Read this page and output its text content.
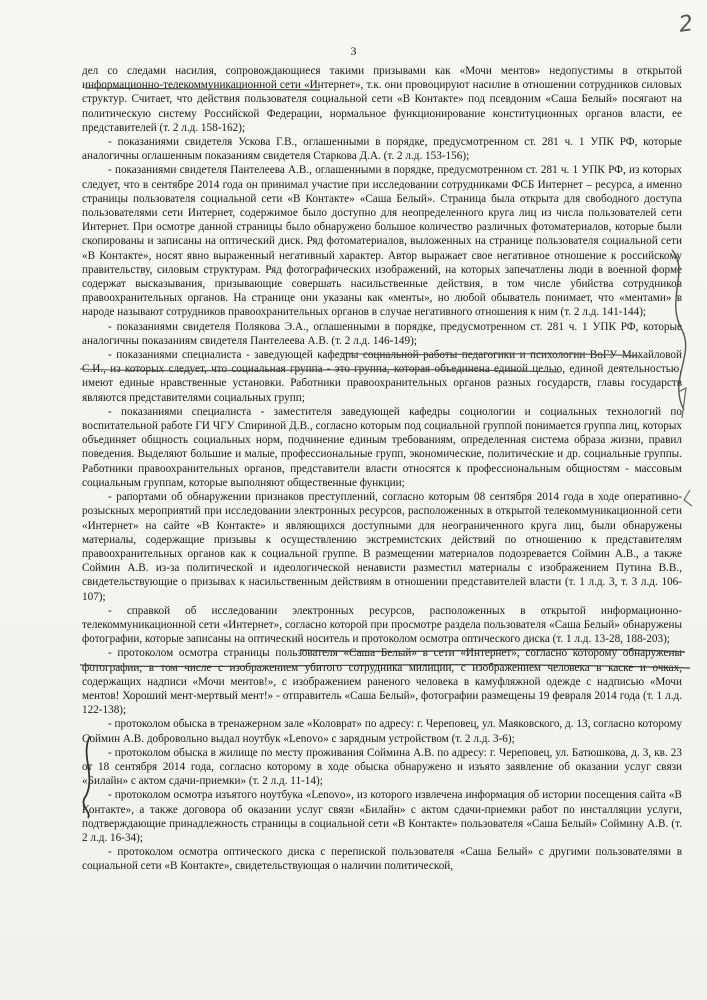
2
3

дел со следами насилия, сопровождающиеся такими призывами как «Мочи ментов» недопустимы в открытой информационно-телекоммуникационной сети «Интернет», т.к. они провоцируют насилие в отношении сотрудников силовых структур. Считает, что действия пользователя социальной сети «В Контакте» под псевдоним «Саша Белый» посягают на политическую систему Российской Федерации, нормальное функционирование конституционных органов власти, ее представителей (т. 2 л.д. 158-162);

- показаниями свидетеля Ускова Г.В., оглашенными в порядке, предусмотренном ст. 281 ч. 1 УПК РФ, которые аналогичны оглашенным показаниям свидетеля Старкова Д.А. (т. 2 л.д. 153-156);

- показаниями свидетеля Пантелеева А.В., оглашенными в порядке, предусмотренном ст. 281 ч. 1 УПК РФ, из которых следует, что в сентябре 2014 года он принимал участие при исследовании сотрудниками ФСБ Интернет – ресурса, а именно страницы пользователя социальной сети «В Контакте» «Саша Белый». Страница была открыта для свободного доступа пользователями сети Интернет, содержимое было доступно для неопределенного круга лиц из числа пользователей сети Интернет. При осмотре данной страницы было обнаружено большое количество различных фотоматериалов, которые были скопированы и записаны на оптический диск. Ряд фотоматериалов, выложенных на странице пользователя социальной сети «В Контакте», носят явно выраженный негативный характер. Автор выражает свое негативное отношение к российскому правительству, силовым структурам. Ряд фотографических изображений, на которых запечатлены люди в военной форме содержат высказывания, призывающие совершать насильственные действия, в том числе убийства сотрудников правоохранительных органов. На странице они указаны как «менты», но любой обыватель понимает, что «ментами» в народе называют сотрудников правоохранительных органов в случае негативного отношения к ним (т. 2 л.д. 141-144);

- показаниями свидетеля Полякова Э.А., оглашенными в порядке, предусмотренном ст. 281 ч. 1 УПК РФ, которые аналогичны показаниям свидетеля Пантелеева А.В. (т. 2 л.д. 146-149);

- показаниями специалиста - заведующей кафедры социальной работы педагогики и психологии ВоГУ Михайловой С.И., из которых следует, что социальная группа - это группа, которая объединена единой целью, единой деятельностью, имеют единые нравственные установки. Работники правоохранительных органов разных государств, главы государств являются представителями социальных групп;

- показаниями специалиста - заместителя заведующей кафедры социологии и социальных технологий по воспитательной работе ГИ ЧГУ Спириной Д.В., согласно которым под социальной группой понимается группа лиц, которых объединяет общность социальных норм, подчинение единым требованиям, определенная система образа жизни, правил поведения. Выделяют большие и малые, профессиональные групп, экономические, политические и др. социальные группы. Работники правоохранительных органов, представители власти относятся к профессиональным общностям - массовым социальным группам, которые выполняют общественные функции;

- рапортами об обнаружении признаков преступлений, согласно которым 08 сентября 2014 года в ходе оперативно-розыскных мероприятий при исследовании электронных ресурсов, расположенных в открытой телекоммуникационной сети «Интернет» на сайте «В Контакте» и являющихся доступными для неограниченного круга лиц, были обнаружены материалы, содержащие призывы к осуществлению экстремистских действий по отношению к представителям правоохранительных органов как к социальной группе. В размещении материалов подозревается Соймин А.В., а также Соймин А.В. из-за политической и идеологической ненависти разместил материалы с изображением Путина В.В., свидетельствующие о призывах к насильственным действиям в отношении представителей власти (т. 1 л.д. 3, т. 3 л.д. 106-107);

- справкой об исследовании электронных ресурсов, расположенных в открытой информационно-телекоммуникационной сети «Интернет», согласно которой при просмотре раздела пользователя «Саша Белый» обнаружены фотографии, которые записаны на оптический носитель и протоколом осмотра оптического диска (т. 1 л.д. 13-28, 188-203);

- протоколом осмотра страницы пользователя «Саша Белый» в сети «Интернет», согласно которому обнаружены фотографии, в том числе с изображением убитого сотрудника милиции, с изображением человека в каске и очках, содержащих надписи «Мочи ментов!», с изображением раненого человека в камуфляжной одежде с надписью «Мочи ментов! Хороший мент-мертвый мент!» - отправитель «Саша Белый», фотографии размещены 19 февраля 2014 года (т. 1 л.д. 122-138);

- протоколом обыска в тренажерном зале «Коловрат» по адресу: г. Череповец, ул. Маяковского, д. 13, согласно которому Соймин А.В. добровольно выдал ноутбук «Lenovo» с зарядным устройством (т. 2 л.д. 3-6);

- протоколом обыска в жилище по месту проживания Соймина А.В. по адресу: г. Череповец, ул. Батюшкова, д. 3, кв. 23 от 18 сентября 2014 года, согласно которому в ходе обыска обнаружено и изъято заявление об оказании услуг связи «Билайн» с актом сдачи-приемки» (т. 2 л.д. 11-14);

- протоколом осмотра изъятого ноутбука «Lenovo», из которого извлечена информация об истории посещения сайта «В Контакте», а также договора об оказании услуг связи «Билайн» с актом сдачи-приемки работ по инсталляции услуги, подтверждающие принадлежность страницы в социальной сети «В Контакте» пользователя «Саша Белый» Соймину А.В. (т. 2 л.д. 16-34);

- протоколом осмотра оптического диска с перепиской пользователя «Саша Белый» с другими пользователями в социальной сети «В Контакте», свидетельствующая о наличии политической,
